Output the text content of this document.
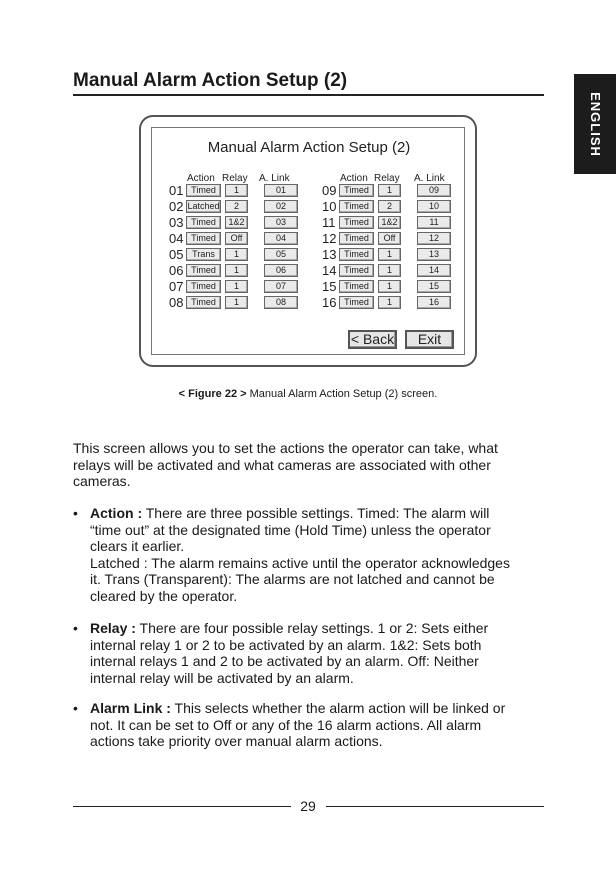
Manual Alarm Action Setup (2)
ENGLISH
Manual Alarm Action Setup (2)
Action Relay A. Link	Action Relay A. Link
01 Timed	1	01
02 Latched	2	02
03 Timed	1&2	03
04 Timed	Off	04
05 Trans	1	05
06 Timed	1	06
07 Timed	1	07
08 Timed	1	08
09 Timed	1	09
10 Timed	2	10
11 Timed	1&2	11
12 Timed	Off	12
13 Timed	1	13
14 Timed	1	14
15 Timed	1	15
16 Timed	1	16
< Back	Exit
< Figure 22 > Manual Alarm Action Setup (2) screen.
This screen allows you to set the actions the operator can take, what
relays will be activated and what cameras are associated with other
cameras.
• Action : There are three possible settings. Timed: The alarm will
“time out” at the designated time (Hold Time) unless the operator
clears it earlier.
Latched : The alarm remains active until the operator acknowledges
it. Trans (Transparent): The alarms are not latched and cannot be
cleared by the operator.
• Relay : There are four possible relay settings. 1 or 2: Sets either
internal relay 1 or 2 to be activated by an alarm. 1&2: Sets both
internal relays 1 and 2 to be activated by an alarm. Off: Neither
internal relay will be activated by an alarm.
• Alarm Link : This selects whether the alarm action will be linked or
not. It can be set to Off or any of the 16 alarm actions. All alarm
actions take priority over manual alarm actions.
29
